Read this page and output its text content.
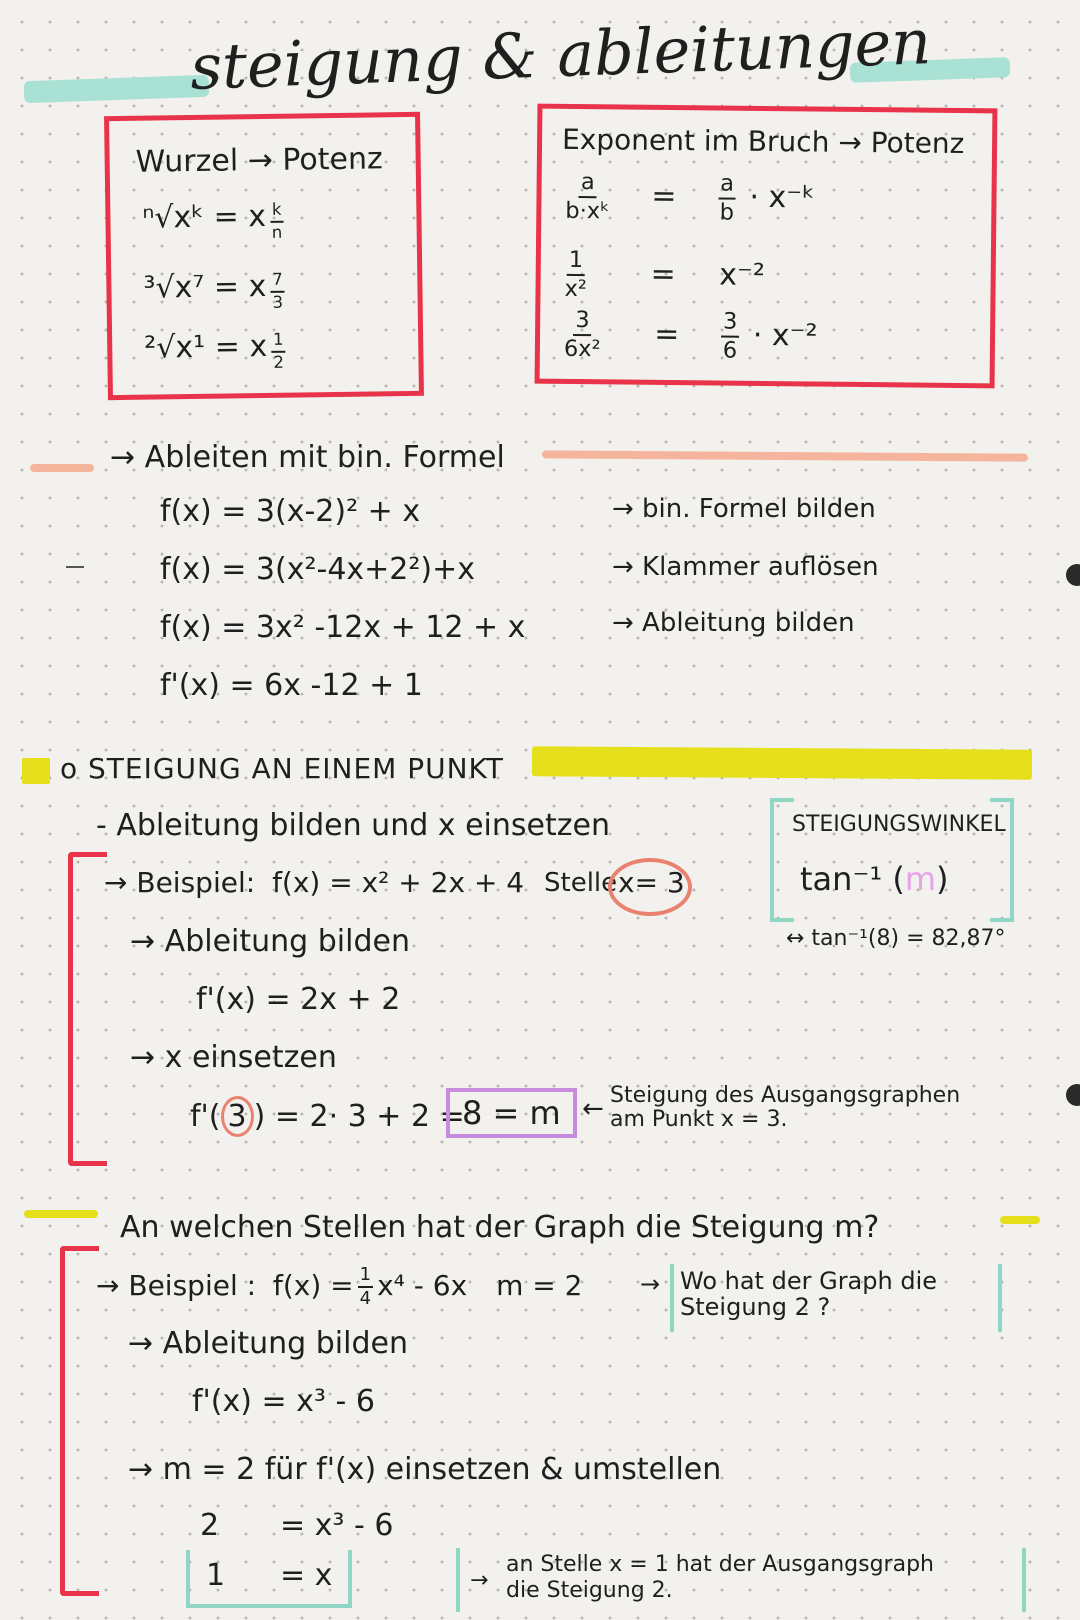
steigung & ableitungen
Wurzel → Potenz
ⁿ√xᵏ = x $\frac{k}{n}$
³√x⁷ = x $\frac{7}{3}$
²√x¹ = x $\frac{1}{2}$
Exponent im Bruch → Potenz
$\frac{a}{\text{b·xᵏ}} = \frac{a}{b}$ · x⁻ᵏ
$\frac{1}{\text{x²}} = x^{-2}$
$\frac{3}{\text{6x²}} = \frac{3}{6} \cdot x^{-2}$
→ Ableiten mit bin. Formel
f(x) = 3(x-2)² + x
f(x) = 3(x²-4x+2²)+x
f(x) = 3x² -12x + 12 + x
f'(x) = 6x -12 + 1
→ bin. Formel bilden
→ Klammer auflösen
→ Ableitung bilden
o STEIGUNG AN EINEM PUNKT
- Ableitung bilden und x einsetzen
→ Beispiel: f(x) = x² + 2x + 4 Stelle x= 3
→ Ableitung bilden
f'(x) = 2x + 2
→ x einsetzen
f'( 3 ) = 2· 3 + 2 =
8 = m ← Steigung des Ausgangsgraphen
am Punkt x = 3.
STEIGUNGSWINKEL
tan⁻¹ (m)
↔ tan⁻¹(8) = 82,87°
An welchen Stellen hat der Graph die Steigung m?
→ Beispiel : $f(x) = \frac{1}{4} x^4 - 6x$ m = 2 → Wo hat der Graph die Steigung 2 ?
→ Ableitung bilden
f'(x) = x³ - 6
→ m = 2 für f'(x) einsetzen & umstellen
2 = x³ - 6
1 = x	→
an Stelle x = 1 hat der Ausgangsgraph
die Steigung 2.
